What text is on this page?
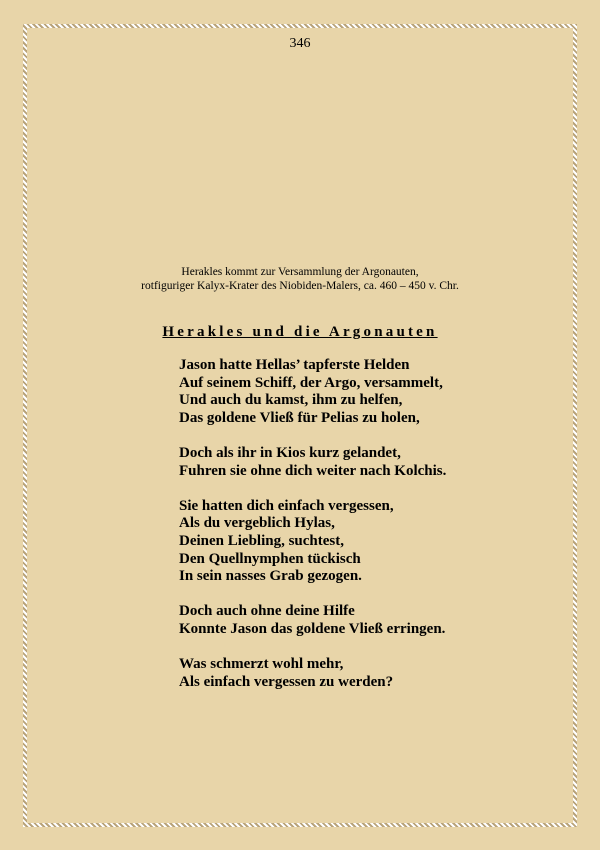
346
Herakles kommt zur Versammlung der Argonauten,
rotfiguriger Kalyx-Krater des Niobiden-Malers, ca. 460 – 450 v. Chr.
Herakles und die Argonauten
Jason hatte Hellas’ tapferste Helden
Auf seinem Schiff, der Argo, versammelt,
Und auch du kamst, ihm zu helfen,
Das goldene Vließ für Pelias zu holen,
Doch als ihr in Kios kurz gelandet,
Fuhren sie ohne dich weiter nach Kolchis.
Sie hatten dich einfach vergessen,
Als du vergeblich Hylas,
Deinen Liebling, suchtest,
Den Quellnymphen tückisch
In sein nasses Grab gezogen.
Doch auch ohne deine Hilfe
Konnte Jason das goldene Vließ erringen.
Was schmerzt wohl mehr,
Als einfach vergessen zu werden?
